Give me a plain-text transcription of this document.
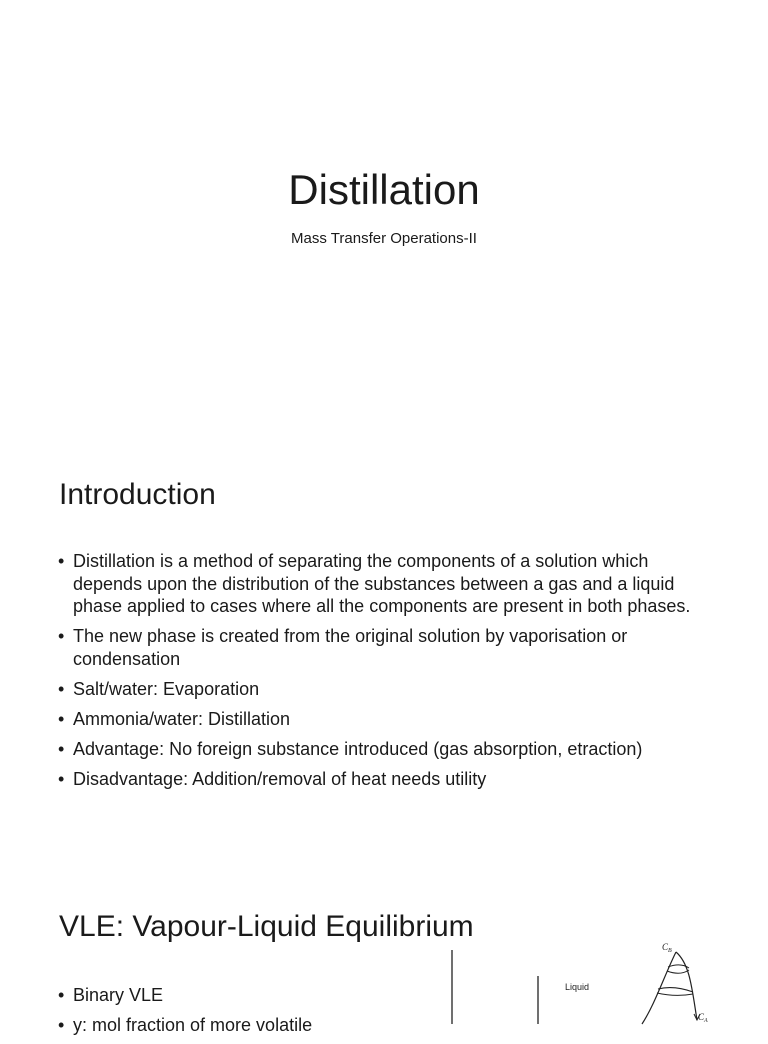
Distillation

Mass Transfer Operations-II

Introduction
• Distillation is a method of separating the components of a solution which depends upon the distribution of the substances between a gas and a liquid phase applied to cases where all the components are present in both phases.
• The new phase is created from the original solution by vaporisation or condensation
• Salt/water: Evaporation
• Ammonia/water: Distillation
• Advantage: No foreign substance introduced (gas absorption, etraction)
• Disadvantage: Addition/removal of heat needs utility
VLE: Vapour-Liquid Equilibrium
• Binary VLE
• y: mol fraction of more volatile
Liquid
$C_B$
$C_A$
